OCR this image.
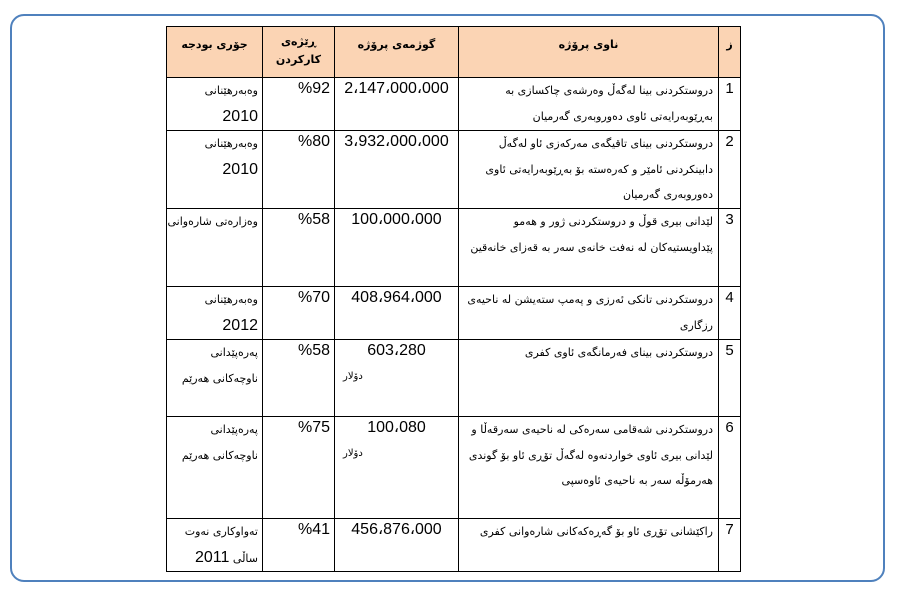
ز	ناوی پرۆژە	گوژمەی پرۆژە	ڕێژەی
کارکردن	جۆری بودجە
1	دروستکردنی بینا لەگەڵ وەرشەی چاکسازی بە بەڕێوبەرایەتی ئاوی دەوروبەری گەرمیان	2،147،000،000	%92	وەبەرهێنانی
2010

2	دروستکردنی بینای تاقیگەی مەرکەزی ئاو لەگەڵ دابینکردنی ئامێر و کەرەستە بۆ بەڕێوبەرایەتی ئاوی دەوروبەری گەرمیان	3،932،000،000	%80	وەبەرهێنانی
2010

3	لێدانی بیری قوڵ و دروستکردنی ژور و هەمو پێداویستیەکان لە نەفت خانەی سەر بە قەزای خانەقین	100،000،000	%58	وەزارەتی شارەوانی
4	دروستکردنی تانکی ئەرزی و پەمپ ستەیشن لە ناحیەی رزگاری	408،964،000	%70	وەبەرهێنانی
2012

5	دروستکردنی بینای فەرمانگەی ئاوی کفری	603،280
دۆلار	%58	پەرەپێدانی ناوچەکانی هەرێم
6	دروستکردنی شەقامی سەرەکی لە ناحیەی سەرقەڵا و لێدانی بیری ئاوی خواردنەوە لەگەڵ تۆڕی ئاو بۆ گوندی هەرمۆڵە سەر بە ناحیەی ئاوەسپی	100،080
دۆلار	%75	پەرەپێدانی ناوچەکانی هەرێم
7	راکێشانی تۆڕی ئاو بۆ گەڕەکەکانی شارەوانی کفری	456،876،000	%41	تەواوکاری نەوت ساڵی 2011
